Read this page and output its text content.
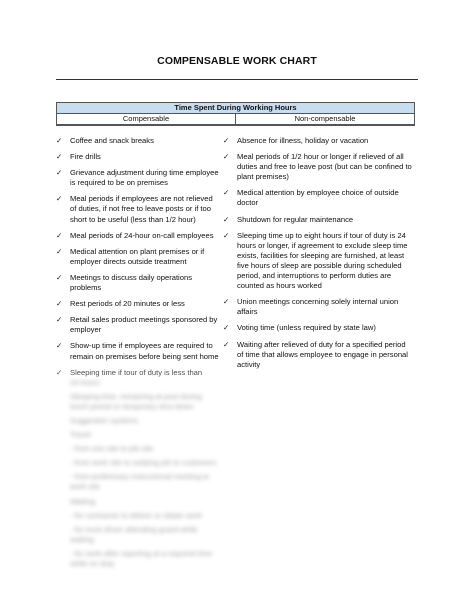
COMPENSABLE WORK CHART
Time Spent During Working Hours
Compensable	Non-compensable
✓	Coffee and snack breaks
✓	Fire drills
✓	Grievance adjustment during time employee is required to be on premises
✓	Meal periods if employees are not relieved of duties, if not free to leave posts or if too short to be useful (less than 1/2 hour)
✓	Meal periods of 24-hour on-call employees
✓	Medical attention on plant premises or if employer directs outside treatment
✓	Meetings to discuss daily operations problems
✓	Rest periods of 20 minutes or less
✓	Retail sales product meetings sponsored by employer
✓	Show-up time if employees are required to remain on premises before being sent home
✓	Sleeping time if tour of duty is less than
24 hours
Sleeping time, remaining at post during lunch period or temporary shut down
Suggestion systems
Travel
- from one site to job site
- from work site to outlying job to customers
- from preliminary instructional meeting to work site
Waiting
- for contractor to deliver or obtain work
- for truck driver attending guard while waiting
- for work after reporting at a required time while on duty
✓	Absence for illness, holiday or vacation
✓	Meal periods of 1/2 hour or longer if relieved of all duties and free to leave post (but can be confined to plant premises)
✓	Medical attention by employee choice of outside doctor
✓	Shutdown for regular maintenance
✓	Sleeping time up to eight hours if tour of duty is 24 hours or longer, if agreement to exclude sleep time exists, facilities for sleeping are furnished, at least five hours of sleep are possible during scheduled period, and interruptions to perform duties are counted as hours worked
✓	Union meetings concerning solely internal union affairs
✓	Voting time (unless required by state law)
✓	Waiting after relieved of duty for a specified period of time that allows employee to engage in personal activity
